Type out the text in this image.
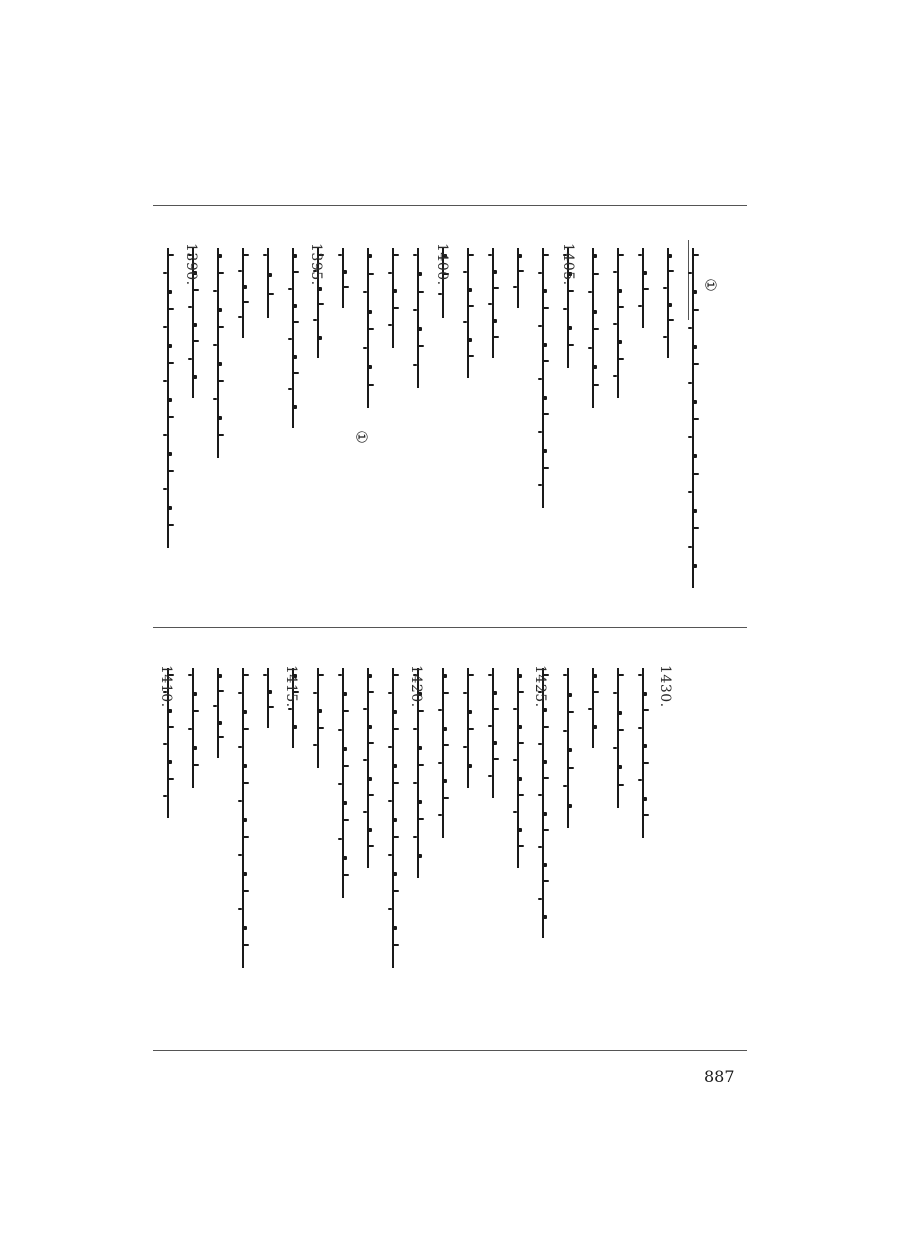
1390.	1395.	1400.	1405.
1410.	1415.	1420.	1425.	1430.
①
①
887
